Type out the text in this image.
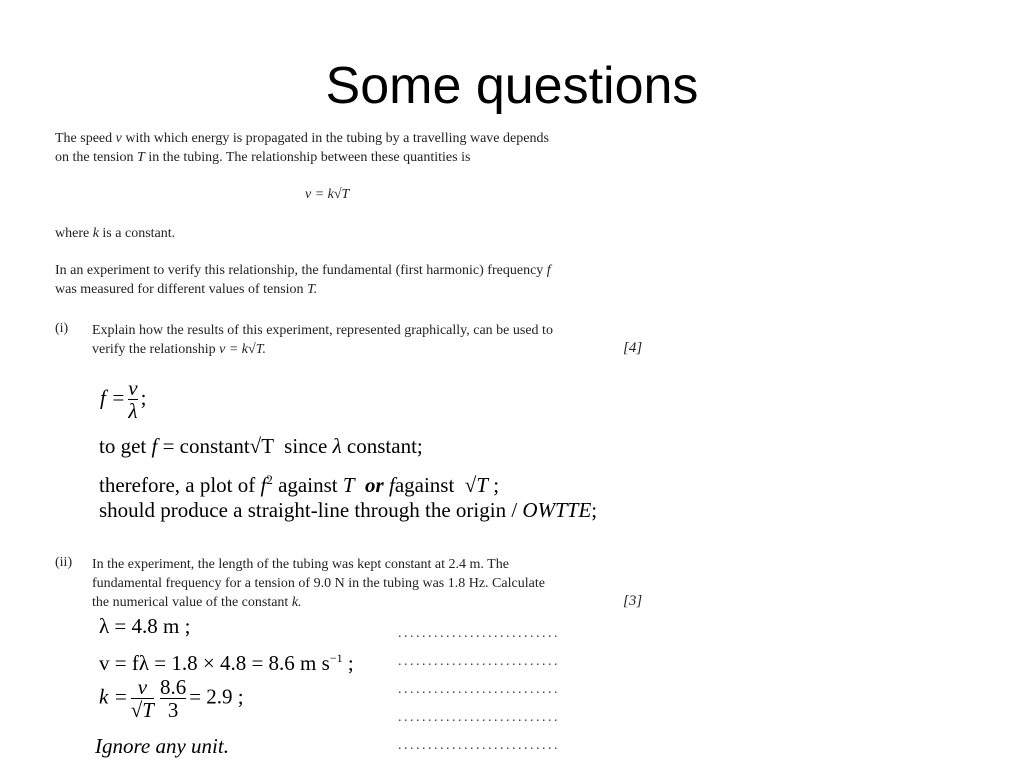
Some questions
The speed v with which energy is propagated in the tubing by a travelling wave depends
on the tension T in the tubing. The relationship between these quantities is
v = k√T
where k is a constant.
In an experiment to verify this relationship, the fundamental (first harmonic) frequency f
was measured for different values of tension T.
(i) Explain how the results of this experiment, represented graphically, can be used to
verify the relationship v = k√T.	[4]
$f = \frac{v}{\lambda}$ ;
to get f = constant√T since λ constant;
therefore, a plot of $f^2$ against T or fagainst √T ;
should produce a straight-line through the origin / OWTTE;
(ii) In the experiment, the length of the tubing was kept constant at 2.4 m. The
fundamental frequency for a tension of 9.0 N in the tubing was 1.8 Hz. Calculate
the numerical value of the constant k.	[3]
λ = 4.8 m ;
v = fλ = 1.8 × 4.8 = 8.6 m $s^{-1}$ ;
$k = \frac{v}{√T} \frac{8.6}{3} = 2.9$ ;
Ignore any unit.
...........................
...........................
...........................
...........................
...........................
